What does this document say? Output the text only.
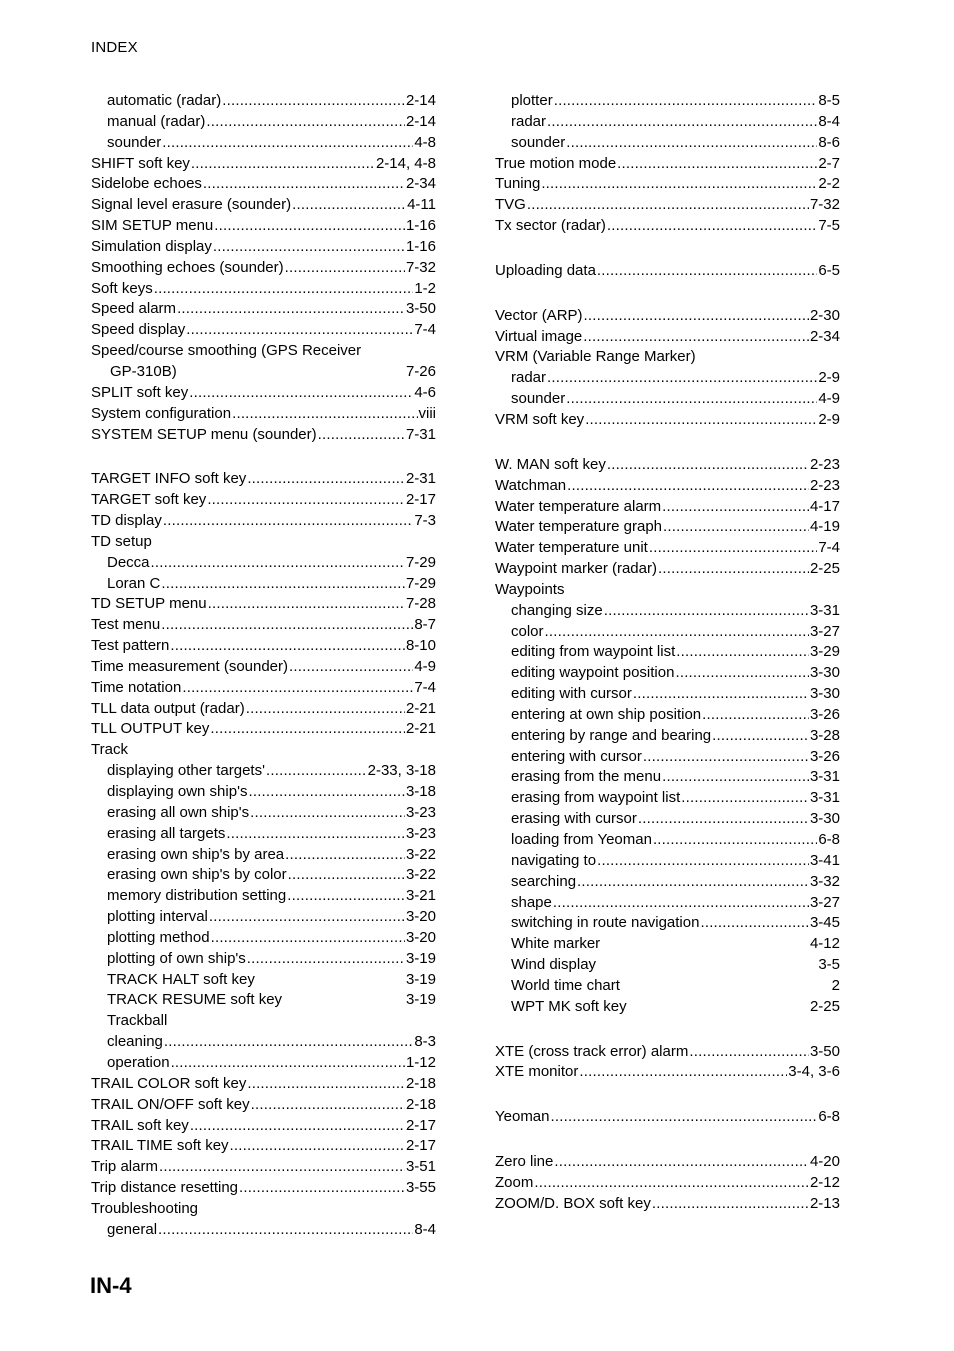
INDEX
automatic (radar) .....	2-14
manual (radar) .....	2-14
sounder .....	4-8
SHIFT soft key .....	2-14, 4-8
Sidelobe echoes .....	2-34
Signal level erasure (sounder) .....	4-11
SIM SETUP menu .....	1-16
Simulation display .....	1-16
Smoothing echoes (sounder) .....	7-32
Soft keys .....	1-2
Speed alarm .....	3-50
Speed display .....	7-4
Speed/course smoothing (GPS Receiver
GP-310B)	7-26
SPLIT soft key .....	4-6
System configuration .....	viii
SYSTEM SETUP menu (sounder) .....	7-31
TARGET INFO soft key .....	2-31
TARGET soft key .....	2-17
TD display .....	7-3
TD setup
Decca .....	7-29
Loran C .....	7-29
TD SETUP menu .....	7-28
Test menu .....	8-7
Test pattern .....	8-10
Time measurement (sounder) .....	4-9
Time notation .....	7-4
TLL data output (radar) .....	2-21
TLL OUTPUT key .....	2-21
Track
displaying other targets' .....	2-33, 3-18
displaying own ship's .....	3-18
erasing all own ship's .....	3-23
erasing all targets .....	3-23
erasing own ship's by area .....	3-22
erasing own ship's by color .....	3-22
memory distribution setting .....	3-21
plotting interval .....	3-20
plotting method .....	3-20
plotting of own ship's .....	3-19
TRACK HALT soft key	3-19
TRACK RESUME soft key	3-19
Trackball
cleaning .....	8-3
operation .....	1-12
TRAIL COLOR soft key .....	2-18
TRAIL ON/OFF soft key .....	2-18
TRAIL soft key .....	2-17
TRAIL TIME soft key .....	2-17
Trip alarm .....	3-51
Trip distance resetting .....	3-55
Troubleshooting
general .....	8-4
plotter .....	8-5
radar .....	8-4
sounder .....	8-6
True motion mode .....	2-7
Tuning .....	2-2
TVG .....	7-32
Tx sector (radar) .....	7-5
Uploading data .....	6-5
Vector (ARP) .....	2-30
Virtual image .....	2-34
VRM (Variable Range Marker)
radar .....	2-9
sounder .....	4-9
VRM soft key .....	2-9
W. MAN soft key .....	2-23
Watchman .....	2-23
Water temperature alarm .....	4-17
Water temperature graph .....	4-19
Water temperature unit .....	7-4
Waypoint marker (radar) .....	2-25
Waypoints
changing size .....	3-31
color .....	3-27
editing from waypoint list .....	3-29
editing waypoint position .....	3-30
editing with cursor .....	3-30
entering at own ship position .....	3-26
entering by range and bearing .....	3-28
entering with cursor .....	3-26
erasing from the menu .....	3-31
erasing from waypoint list .....	3-31
erasing with cursor .....	3-30
loading from Yeoman .....	6-8
navigating to .....	3-41
searching .....	3-32
shape .....	3-27
switching in route navigation .....	3-45
White marker	4-12
Wind display	3-5
World time chart	2
WPT MK soft key	2-25
XTE (cross track error) alarm .....	3-50
XTE monitor .....	3-4, 3-6
Yeoman .....	6-8
Zero line .....	4-20
Zoom .....	2-12
ZOOM/D. BOX soft key .....	2-13
IN-4
